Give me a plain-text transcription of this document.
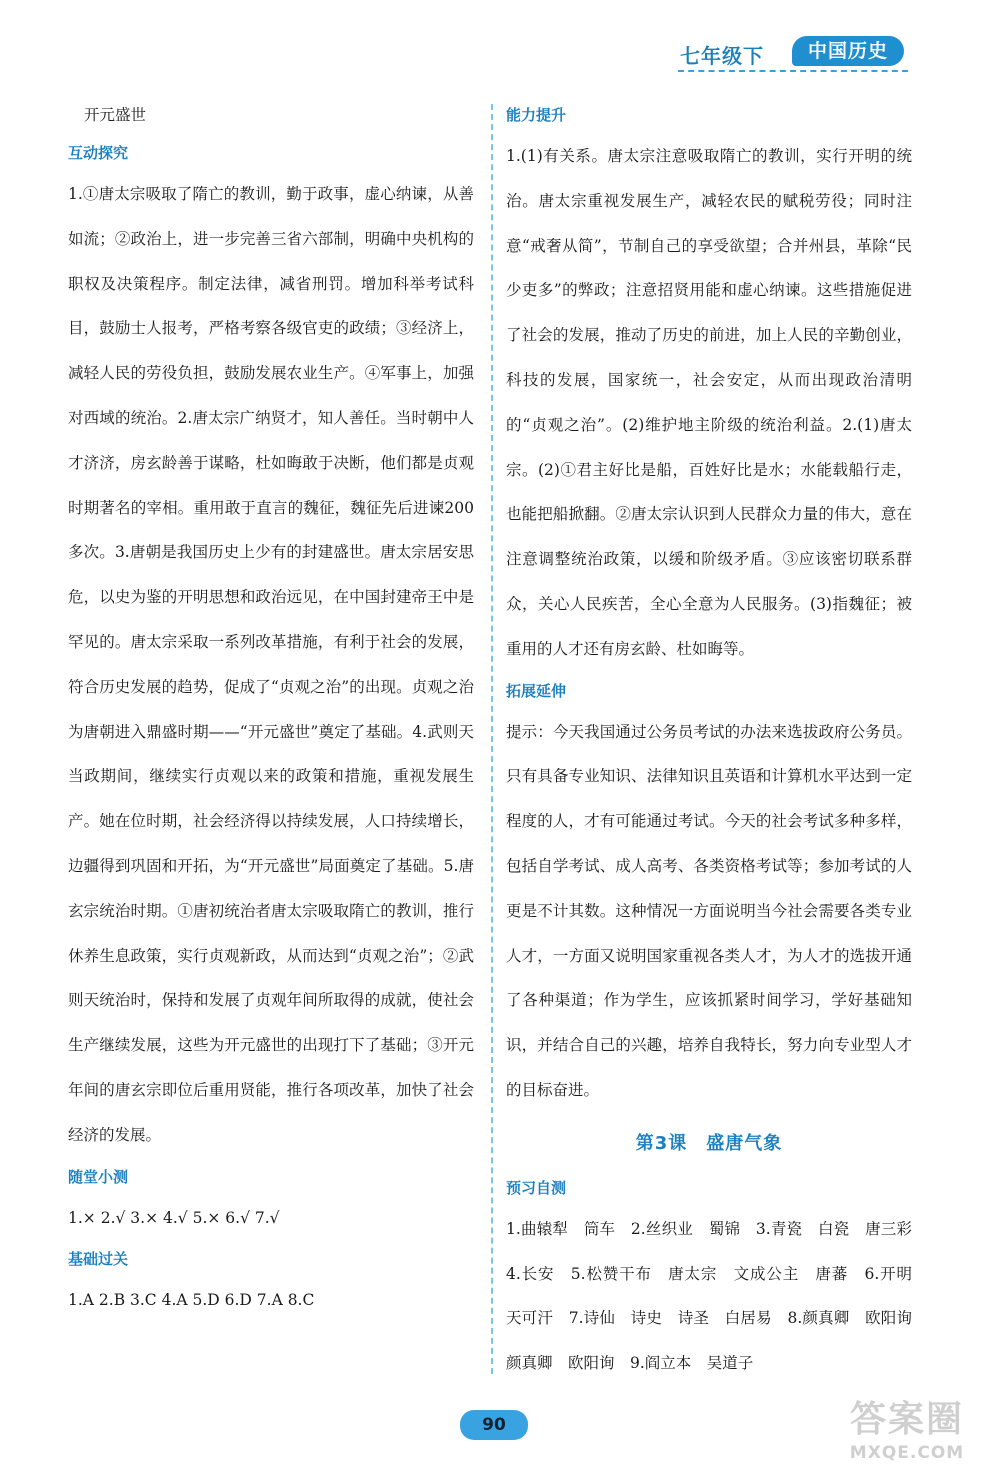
七年级下	中国历史
开元盛世
互动探究
1.①唐太宗吸取了隋亡的教训，勤于政事，虚心纳谏，从善如流；②政治上，进一步完善三省六部制，明确中央机构的职权及决策程序。制定法律，减省刑罚。增加科举考试科目，鼓励士人报考，严格考察各级官吏的政绩；③经济上，减轻人民的劳役负担，鼓励发展农业生产。④军事上，加强对西域的统治。2.唐太宗广纳贤才，知人善任。当时朝中人才济济，房玄龄善于谋略，杜如晦敢于决断，他们都是贞观时期著名的宰相。重用敢于直言的魏征，魏征先后进谏200多次。3.唐朝是我国历史上少有的封建盛世。唐太宗居安思危，以史为鉴的开明思想和政治远见，在中国封建帝王中是罕见的。唐太宗采取一系列改革措施，有利于社会的发展，符合历史发展的趋势，促成了“贞观之治”的出现。贞观之治为唐朝进入鼎盛时期——“开元盛世”奠定了基础。4.武则天当政期间，继续实行贞观以来的政策和措施，重视发展生产。她在位时期，社会经济得以持续发展，人口持续增长，边疆得到巩固和开拓，为“开元盛世”局面奠定了基础。5.唐玄宗统治时期。①唐初统治者唐太宗吸取隋亡的教训，推行休养生息政策，实行贞观新政，从而达到“贞观之治”；②武则天统治时，保持和发展了贞观年间所取得的成就，使社会生产继续发展，这些为开元盛世的出现打下了基础；③开元年间的唐玄宗即位后重用贤能，推行各项改革，加快了社会经济的发展。
随堂小测
1.× 2.√ 3.× 4.√ 5.× 6.√ 7.√
基础过关
1.A 2.B 3.C 4.A 5.D 6.D 7.A 8.C
能力提升
1.(1)有关系。唐太宗注意吸取隋亡的教训，实行开明的统治。唐太宗重视发展生产，减轻农民的赋税劳役；同时注意“戒奢从简”，节制自己的享受欲望；合并州县，革除“民少吏多”的弊政；注意招贤用能和虚心纳谏。这些措施促进了社会的发展，推动了历史的前进，加上人民的辛勤创业，科技的发展，国家统一，社会安定，从而出现政治清明的“贞观之治”。(2)维护地主阶级的统治利益。2.(1)唐太宗。(2)①君主好比是船，百姓好比是水；水能载船行走，也能把船掀翻。②唐太宗认识到人民群众力量的伟大，意在注意调整统治政策，以缓和阶级矛盾。③应该密切联系群众，关心人民疾苦，全心全意为人民服务。(3)指魏征；被重用的人才还有房玄龄、杜如晦等。
拓展延伸
提示：今天我国通过公务员考试的办法来选拔政府公务员。只有具备专业知识、法律知识且英语和计算机水平达到一定程度的人，才有可能通过考试。今天的社会考试多种多样，包括自学考试、成人高考、各类资格考试等；参加考试的人更是不计其数。这种情况一方面说明当今社会需要各类专业人才，一方面又说明国家重视各类人才，为人才的选拔开通了各种渠道；作为学生，应该抓紧时间学习，学好基础知识，并结合自己的兴趣，培养自我特长，努力向专业型人才的目标奋进。
第3课　盛唐气象
预习自测
1.曲辕犁　筒车　2.丝织业　蜀锦　3.青瓷　白瓷　唐三彩　4.长安　5.松赞干布　唐太宗　文成公主　唐蕃　6.开明　天可汗　7.诗仙　诗史　诗圣　白居易　8.颜真卿　欧阳询　颜真卿　欧阳询　9.阎立本　吴道子
90	答案圈
MXQE.COM
